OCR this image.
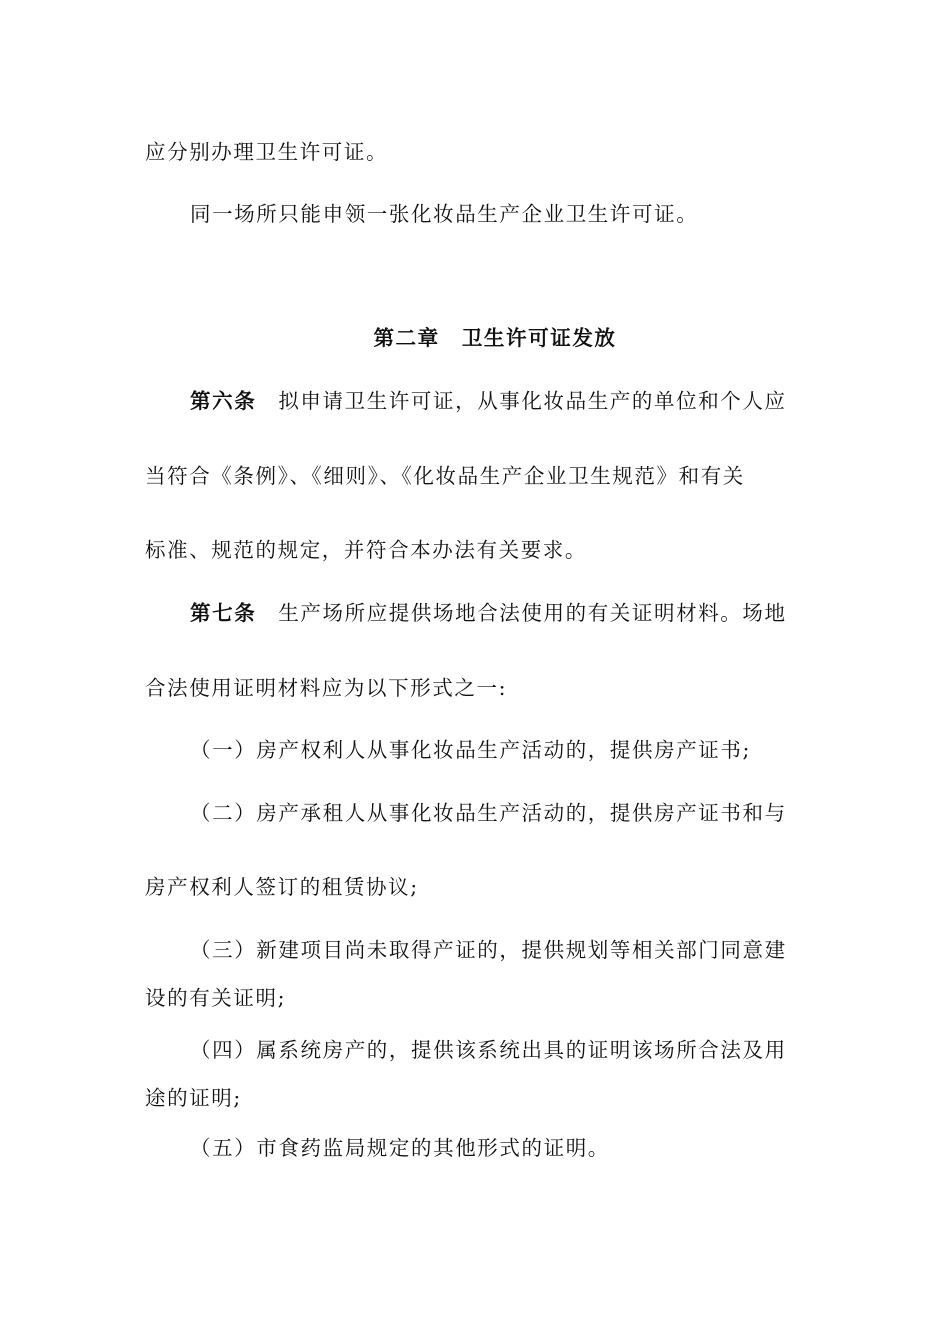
应分别办理卫生许可证。
同一场所只能申领一张化妆品生产企业卫生许可证。
第二章　卫生许可证发放
第六条 拟申请卫生许可证，从事化妆品生产的单位和个人应
当符合《条例》、《细则》、《化妆品生产企业卫生规范》和有关
标准、规范的规定，并符合本办法有关要求。
第七条 生产场所应提供场地合法使用的有关证明材料。场地
合法使用证明材料应为以下形式之一:
（一）房产权利人从事化妆品生产活动的，提供房产证书;
（二）房产承租人从事化妆品生产活动的，提供房产证书和与
房产权利人签订的租赁协议;
（三）新建项目尚未取得产证的，提供规划等相关部门同意建
设的有关证明;
（四）属系统房产的，提供该系统出具的证明该场所合法及用
途的证明;
（五）市食药监局规定的其他形式的证明。
